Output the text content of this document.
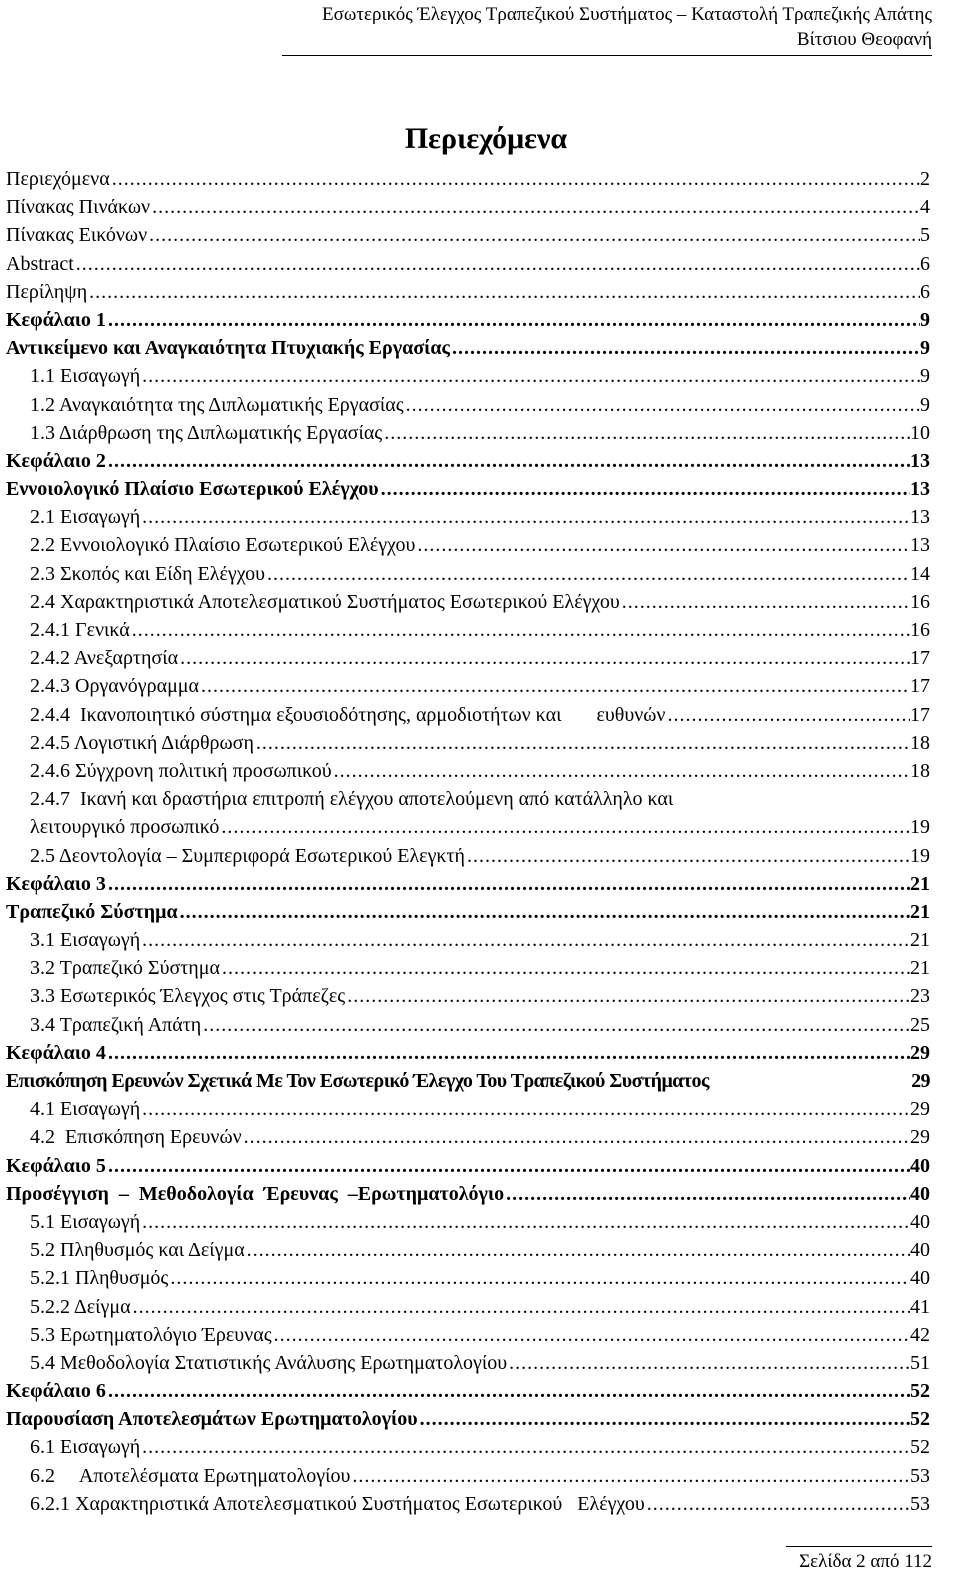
Εσωτερικός Έλεγχος Τραπεζικού Συστήματος – Καταστολή Τραπεζικής Απάτης
Βίτσιου Θεοφανή
Περιεχόμενα
Περιεχόμενα .....	2
Πίνακας Πινάκων .....	4
Πίνακας Εικόνων .....	5
Abstract .....	6
Περίληψη .....	6
Κεφάλαιο 1 .....	9
Αντικείμενο και Αναγκαιότητα Πτυχιακής Εργασίας .....	9
1.1 Εισαγωγή .....	9
1.2 Αναγκαιότητα της Διπλωματικής Εργασίας .....	9
1.3 Διάρθρωση της Διπλωματικής Εργασίας .....	10
Κεφάλαιο 2 .....	13
Εννοιολογικό Πλαίσιο Εσωτερικού Ελέγχου .....	13
2.1 Εισαγωγή .....	13
2.2 Εννοιολογικό Πλαίσιο Εσωτερικού Ελέγχου .....	13
2.3 Σκοπός και Είδη Ελέγχου .....	14
2.4 Χαρακτηριστικά Αποτελεσματικού Συστήματος Εσωτερικού Ελέγχου .....	16
2.4.1 Γενικά .....	16
2.4.2 Ανεξαρτησία .....	17
2.4.3 Οργανόγραμμα .....	17
2.4.4  Ικανοποιητικό σύστημα εξουσιοδότησης, αρμοδιοτήτων και       ευθυνών .....	17
2.4.5 Λογιστική Διάρθρωση .....	18
2.4.6 Σύγχρονη πολιτική προσωπικού .....	18
2.4.7  Ικανή και δραστήρια επιτροπή ελέγχου αποτελούμενη από κατάλληλο και
λειτουργικό προσωπικό .....	19
2.5 Δεοντολογία – Συμπεριφορά Εσωτερικού Ελεγκτή .....	19
Κεφάλαιο 3 .....	21
Τραπεζικό Σύστημα .....	21
3.1 Εισαγωγή .....	21
3.2 Τραπεζικό Σύστημα .....	21
3.3 Εσωτερικός Έλεγχος στις Τράπεζες .....	23
3.4 Τραπεζική Απάτη .....	25
Κεφάλαιο 4 .....	29
Επισκόπηση Ερευνών Σχετικά Με Τον Εσωτερικό Έλεγχο Του Τραπεζικού Συστήματος	29
4.1 Εισαγωγή .....	29
4.2  Επισκόπηση Ερευνών .....	29
Κεφάλαιο 5 .....	40
Προσέγγιση  –  Μεθοδολογία  Έρευνας  –Ερωτηματολόγιο .....	40
5.1 Εισαγωγή .....	40
5.2 Πληθυσμός και Δείγμα .....	40
5.2.1 Πληθυσμός .....	40
5.2.2 Δείγμα .....	41
5.3 Ερωτηματολόγιο Έρευνας .....	42
5.4 Μεθοδολογία Στατιστικής Ανάλυσης Ερωτηματολογίου .....	51
Κεφάλαιο 6 .....	52
Παρουσίαση Αποτελεσμάτων Ερωτηματολογίου .....	52
6.1 Εισαγωγή .....	52
6.2     Αποτελέσματα Ερωτηματολογίου .....	53
6.2.1 Χαρακτηριστικά Αποτελεσματικού Συστήματος Εσωτερικού   Ελέγχου .....	53
Σελίδα 2 από 112
